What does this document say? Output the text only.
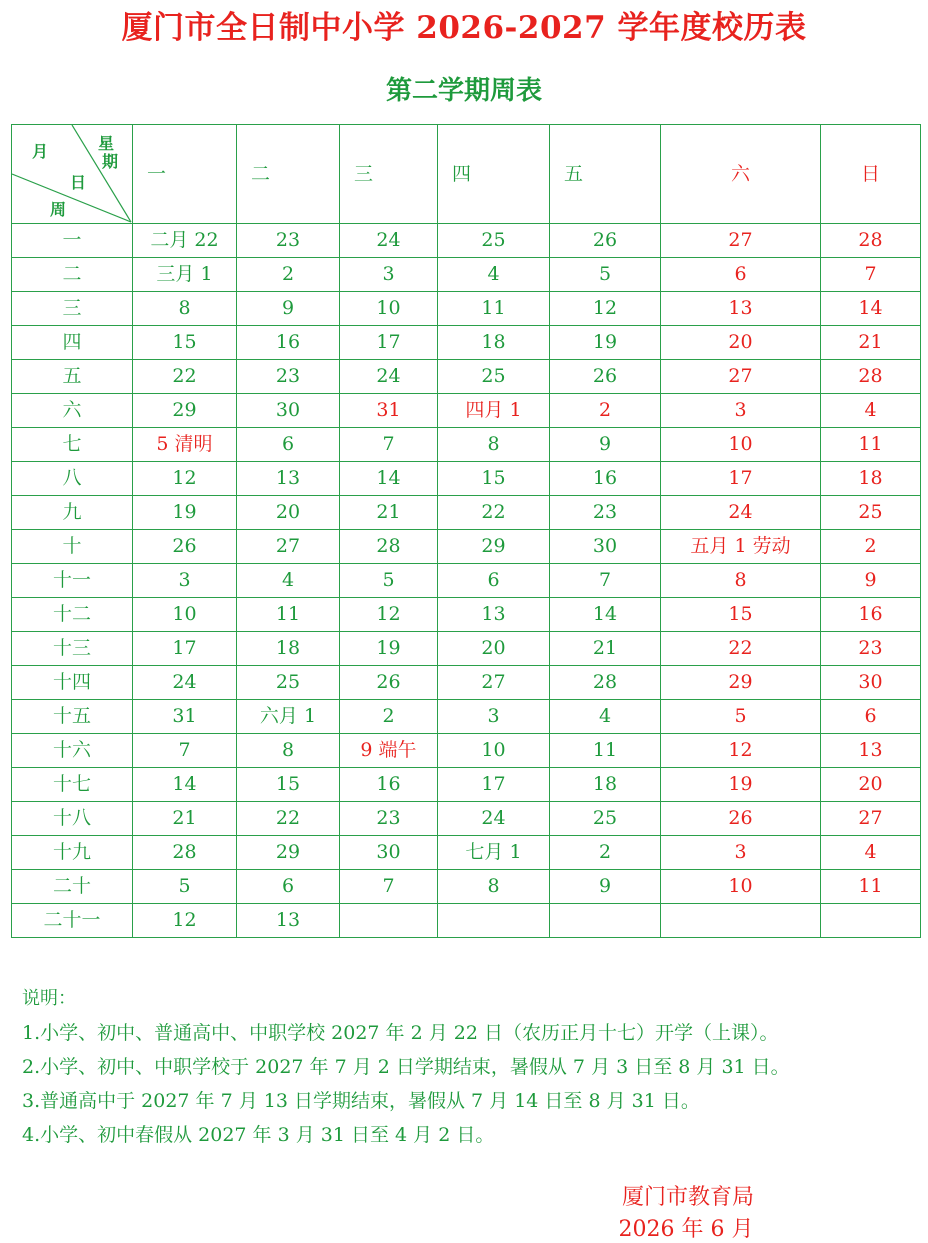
厦门市全日制中小学 2026-2027 学年度校历表
第二学期周表
月 星
期
日
周	一	二	三	四	五	六	日
一	二月 22	23	24	25	26	27	28
二	三月 1	2	3	4	5	6	7
三	8	9	10	11	12	13	14
四	15	16	17	18	19	20	21
五	22	23	24	25	26	27	28
六	29	30	31	四月 1	2	3	4
七	5 清明	6	7	8	9	10	11
八	12	13	14	15	16	17	18
九	19	20	21	22	23	24	25
十	26	27	28	29	30	五月 1 劳动	2
十一	3	4	5	6	7	8	9
十二	10	11	12	13	14	15	16
十三	17	18	19	20	21	22	23
十四	24	25	26	27	28	29	30
十五	31	六月 1	2	3	4	5	6
十六	7	8	9 端午	10	11	12	13
十七	14	15	16	17	18	19	20
十八	21	22	23	24	25	26	27
十九	28	29	30	七月 1	2	3	4
二十	5	6	7	8	9	10	11
二十一	12	13					
说明：
1.小学、初中、普通高中、中职学校 2027 年 2 月 22 日（农历正月十七）开学（上课）。
2.小学、初中、中职学校于 2027 年 7 月 2 日学期结束，暑假从 7 月 3 日至 8 月 31 日。
3.普通高中于 2027 年 7 月 13 日学期结束，暑假从 7 月 14 日至 8 月 31 日。
4.小学、初中春假从 2027 年 3 月 31 日至 4 月 2 日。
厦门市教育局
2026 年 6 月
